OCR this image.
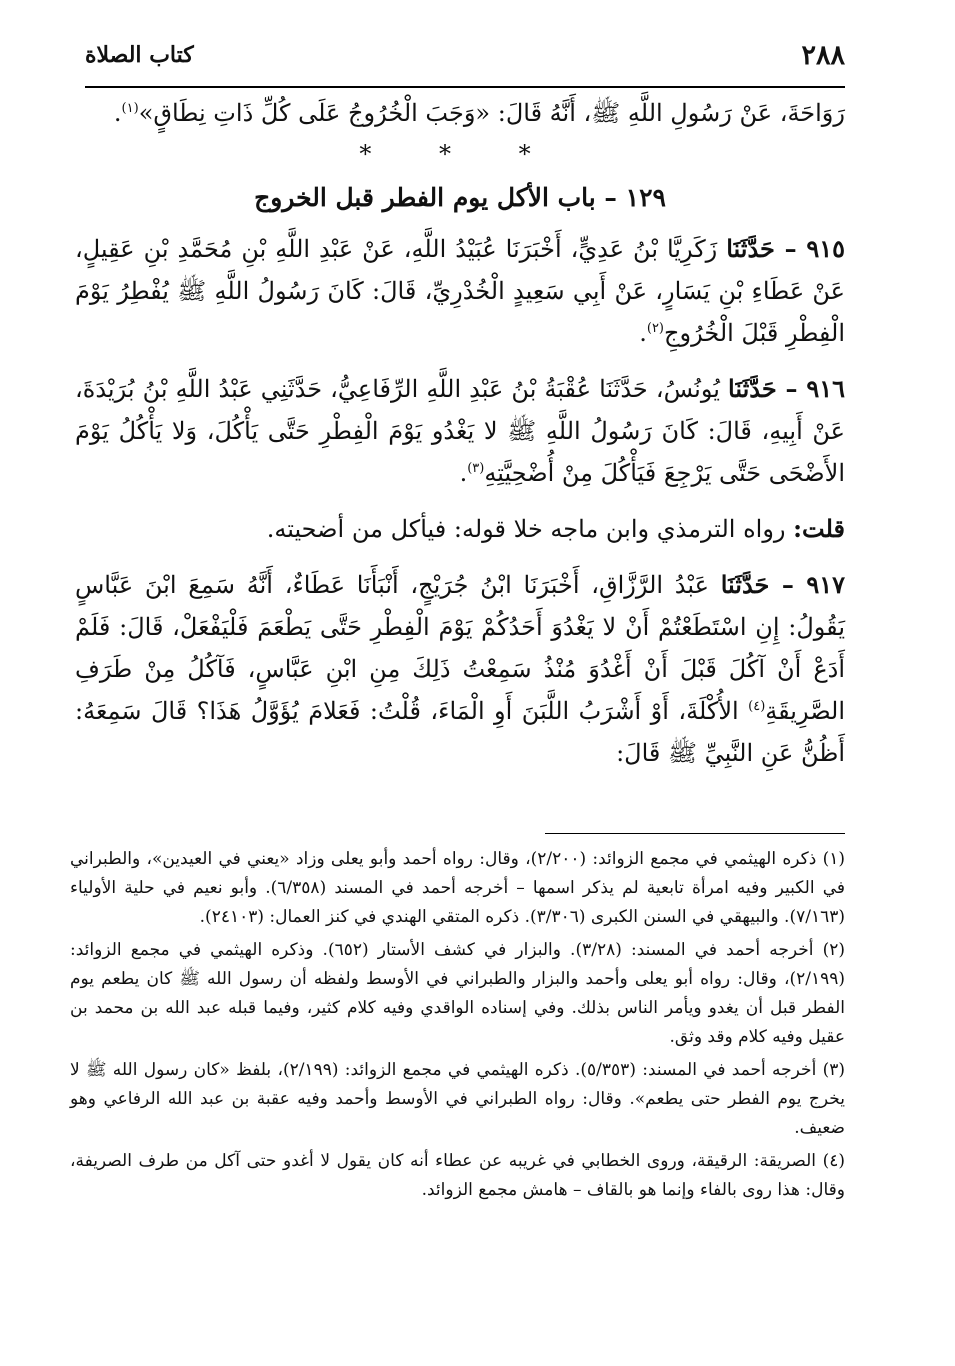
٢٨٨
كتاب الصلاة

رَوَاحَةَ، عَنْ رَسُولِ اللَّهِ ﷺ، أَنَّهُ قَالَ: «وَجَبَ الْخُرُوجُ عَلَى كُلِّ ذَاتِ نِطَاقٍ»$^{(١)}$.

* * *

١٢٩ – باب الأكل يوم الفطر قبل الخروج

٩١٥ – حَدَّثَنَا زَكَرِيَّا بْنُ عَدِيٍّ، أَخْبَرَنَا عُبَيْدُ اللَّهِ، عَنْ عَبْدِ اللَّهِ بْنِ مُحَمَّدِ بْنِ عَقِيلٍ، عَنْ عَطَاءِ بْنِ يَسَارٍ، عَنْ أَبِي سَعِيدٍ الْخُدْرِيِّ، قَالَ: كَانَ رَسُولُ اللَّهِ ﷺ يُفْطِرُ يَوْمَ الْفِطْرِ قَبْلَ الْخُرُوجِ$^{(٢)}$.

٩١٦ – حَدَّثَنَا يُونُسُ، حَدَّثَنَا عُقْبَةُ بْنُ عَبْدِ اللَّهِ الرِّفَاعِيُّ، حَدَّثَنِي عَبْدُ اللَّهِ بْنُ بُرَيْدَةَ، عَنْ أَبِيهِ، قَالَ: كَانَ رَسُولُ اللَّهِ ﷺ لا يَغْدُو يَوْمَ الْفِطْرِ حَتَّى يَأْكُلَ، وَلا يَأْكُلُ يَوْمَ الأَضْحَى حَتَّى يَرْجِعَ فَيَأْكُلَ مِنْ أُضْحِيَّتِهِ$^{(٣)}$.

قلت: رواه الترمذي وابن ماجه خلا قوله: فيأكل من أضحيته.

٩١٧ – حَدَّثَنَا عَبْدُ الرَّزَّاقِ، أَخْبَرَنَا ابْنُ جُرَيْجٍ، أَنْبَأَنَا عَطَاءٌ، أَنَّهُ سَمِعَ ابْنَ عَبَّاسٍ يَقُولُ: إِنِ اسْتَطَعْتُمْ أَنْ لا يَغْدُوَ أَحَدُكُمْ يَوْمَ الْفِطْرِ حَتَّى يَطْعَمَ فَلْيَفْعَلْ، قَالَ: فَلَمْ أَدَعْ أَنْ آكُلَ قَبْلَ أَنْ أَغْدُوَ مُنْذُ سَمِعْتُ ذَلِكَ مِنِ ابْنِ عَبَّاسٍ، فَآكُلُ مِنْ طَرَفِ الصَّرِيقَةِ$^{(٤)}$ الأُكْلَةَ، أَوْ أَشْرَبُ اللَّبَنَ أَوِ الْمَاءَ، قُلْتُ: فَعَلامَ يُؤَوَّلُ هَذَا؟ قَالَ سَمِعَهُ: أَظُنُّ عَنِ النَّبِيِّ ﷺ قَالَ:

(١) ذكره الهيثمي في مجمع الزوائد: (٢/٢٠٠)، وقال: رواه أحمد وأبو يعلى وزاد «يعني في العيدين»، والطبراني في الكبير وفيه امرأة تابعية لم يذكر اسمها – أخرجه أحمد في المسند (٦/٣٥٨). وأبو نعيم في حلية الأولياء (٧/١٦٣). والبيهقي في السنن الكبرى (٣/٣٠٦). ذكره المتقي الهندي في كنز العمال: (٢٤١٠٣).

(٢) أخرجه أحمد في المسند: (٣/٢٨). والبزار في كشف الأستار (٦٥٢). وذكره الهيثمي في مجمع الزوائد: (٢/١٩٩)، وقال: رواه أبو يعلى وأحمد والبزار والطبراني في الأوسط ولفظه أن رسول الله ﷺ كان يطعم يوم الفطر قبل أن يغدو ويأمر الناس بذلك. وفي إسناده الواقدي وفيه كلام كثير، وفيما قبله عبد الله بن محمد بن عقيل وفيه كلام وقد وثق.

(٣) أخرجه أحمد في المسند: (٥/٣٥٣). ذكره الهيثمي في مجمع الزوائد: (٢/١٩٩)، بلفظ «كان رسول الله ﷺ لا يخرج يوم الفطر حتى يطعم». وقال: رواه الطبراني في الأوسط وأحمد وفيه عقبة بن عبد الله الرفاعي وهو ضعيف.

(٤) الصريقة: الرقيقة، وروى الخطابي في غريبه عن عطاء أنه كان يقول لا أغدو حتى آكل من طرف الصريفة، وقال: هذا روى بالفاء وإنما هو بالقاف – هامش مجمع الزوائد.
